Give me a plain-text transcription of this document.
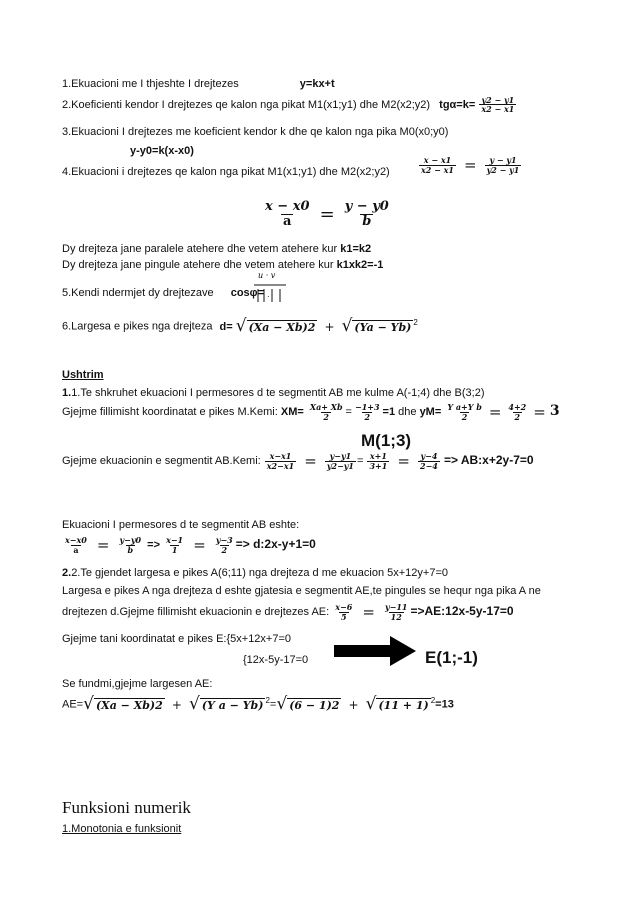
1.Ekuacioni me I thjeshte I drejtezes	y=kx+t
2.Koeficienti kendor I drejtezes qe kalon nga pikat M1(x1;y1) dhe M2(x2;y2) $tg\alpha=k= \frac{y2 - y1}{x2 - x1}$
3.Ekuacioni I drejtezes me koeficient kendor k dhe qe kalon nga pika M0(x0;y0)
y-y0=k(x-x0)
4.Ekuacioni i drejtezes qe kalon nga pikat M1(x1;y1) dhe M2(x2;y2)	$\frac{x - x1}{x2 - x1} = \frac{y - y1}{y2 - y1}$
$\frac{x - x0}{a} = \frac{y - y0}{b}$
Dy drejteza jane paralele atehere dhe vetem atehere kur k1=k2
Dy drejteza jane pingule atehere dhe vetem atehere kur k1xk2=-1
5.Kendi ndermjet dy drejtezave cosφ=
u · v
·
6.Largesa e pikes nga drejteza d= √ (Xa − Xb)2 + √ (Ya − Yb) $^2$
Ushtrim
1.1.Te shkruhet ekuacioni I permesores d te segmentit AB me kulme A(-1;4) dhe B(3;2)
Gjejme fillimisht koordinatat e pikes M.Kemi: $XM= \frac{Xa+ Xb}{2} = \frac{-1+3}{2} =1$ dhe $yM= \frac{\text{Y a+Y b}}{2} = \frac{4+2}{2} = 3$
M(1;3)
Gjejme ekuacionin e segmentit AB.Kemi: $\frac{x-x1}{x2-x1} = \frac{y-y1}{y2-y1} = \frac{x+1}{3+1} = \frac{y-4}{2-4}$ => AB:x+2y-7=0
Ekuacioni I permesores d te segmentit AB eshte:
$\frac{x-x0}{a} = \frac{y-y0}{b} => \frac{x-1}{1} = \frac{y-3}{2}$ => d:2x-y+1=0
2.2.Te gjendet largesa e pikes A(6;11) nga drejteza d me ekuacion 5x+12y+7=0
Largesa e pikes A nga drejteza d eshte gjatesia e segmentit AE,te pingules se hequr nga pika A ne
drejtezen d.Gjejme fillimisht ekuacionin e drejtezes AE: $\frac{x-6}{5} = \frac{y-11}{12}$ =>AE:12x-5y-17=0
Gjejme tani koordinatat e pikes E:{5x+12x+7=0
{12x-5y-17=0	E(1;-1)
Se fundmi,gjejme largesen AE:
AE= √ (Xa − Xb)2 + √ (Y a − Yb) $^2$= √ (6 − 1)2 + √ (11 + 1) $^2$=13
Funksioni numerik
1.Monotonia e funksionit
